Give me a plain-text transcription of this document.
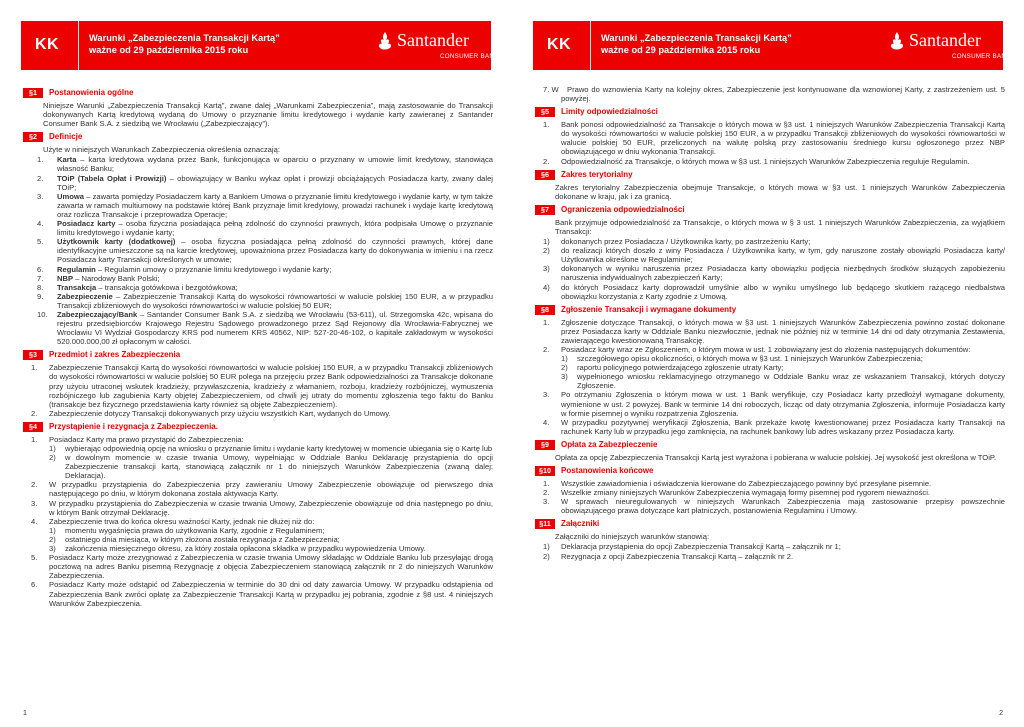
KK	Warunki „Zabezpieczenia Transakcji Kartą”
ważne od 29 października 2015 roku	Santander
CONSUMER BANK
§1	Postanowienia ogólne
Niniejsze Warunki „Zabezpieczenia Transakcji Kartą”, zwane dalej „Warunkami Zabezpieczenia”, mają zastosowanie do Transakcji dokonywanych Kartą kredytową wydaną do Umowy o przyznanie limitu kredytowego i wydanie karty zawieranej z Santander Consumer Bank S.A. z siedzibą we Wrocławiu („Zabezpieczający”).
§2	Definicje
Użyte w niniejszych Warunkach Zabezpieczenia określenia oznaczają:
1. Karta – karta kredytowa wydana przez Bank, funkcjonująca w oparciu o przyznany w umowie limit kredytowy, stanowiąca własność Banku;
2. TOiP (Tabela Opłat i Prowizji) – obowiązujący w Banku wykaz opłat i prowizji obciążających Posiadacza karty, zwany dalej TOiP;
3. Umowa – zawarta pomiędzy Posiadaczem karty a Bankiem Umowa o przyznanie limitu kredytowego i wydanie karty, w tym także zawarta w ramach multiumowy na podstawie której Bank przyznaje limit kredytowy, prowadzi rachunek i wydaje kartę kredytową oraz rozlicza Transakcje i przeprowadza Operacje;
4. Posiadacz karty – osoba fizyczna posiadająca pełną zdolność do czynności prawnych, która podpisała Umowę o przyznanie limitu kredytowego i wydanie karty;
5. Użytkownik karty (dodatkowej) – osoba fizyczna posiadająca pełną zdolność do czynności prawnych, której dane identyfikacyjne umieszczone są na karcie kredytowej, upoważniona przez Posiadacza karty do dokonywania w imieniu i na rzecz Posiadacza karty Transakcji określonych w umowie;
6. Regulamin – Regulamin umowy o przyznanie limitu kredytowego i wydanie karty;
7. NBP – Narodowy Bank Polski;
8. Transakcja – transakcja gotówkowa i bezgotówkowa;
9. Zabezpieczenie – Zabezpieczenie Transakcji Kartą do wysokości równowartości w walucie polskiej 150 EUR, a w przypadku Transakcji zbliżeniowych do wysokości równowartości w walucie polskiej 50 EUR;
10. Zabezpieczający/Bank – Santander Consumer Bank S.A. z siedzibą we Wrocławiu (53-611), ul. Strzegomska 42c, wpisana do rejestru przedsiębiorców Krajowego Rejestru Sądowego prowadzonego przez Sąd Rejonowy dla Wrocławia-Fabrycznej we Wrocławiu VI Wydział Gospodarczy KRS pod numerem KRS 40562, NIP: 527-20-46-102, o kapitale zakładowym w wysokości 520.000.000,00 zł opłaconym w całości.
§3	Przedmiot i zakres Zabezpieczenia
1. Zabezpieczenie Transakcji Kartą do wysokości równowartości w walucie polskiej 150 EUR, a w przypadku Transakcji zbliżeniowych do wysokości równowartości w walucie polskiej 50 EUR polega na przejęciu przez Bank odpowiedzialności za Transakcje dokonane przy użyciu utraconej wskutek kradzieży, przywłaszczenia, kradzieży z włamaniem, rozboju, kradzieży rozbójniczej, wymuszenia rozbójniczego lub zagubienia Karty objętej Zabezpieczeniem, od chwili jej utraty do momentu zgłoszenia tego faktu do Banku (transakcje bez fizycznego przedstawienia karty również są objęte Zabezpieczeniem).
2. Zabezpieczenie dotyczy Transakcji dokonywanych przy użyciu wszystkich Kart, wydanych do Umowy.
§4	Przystąpienie i rezygnacja z Zabezpieczenia.
1. Posiadacz Karty ma prawo przystąpić do Zabezpieczenia:
1) wybierając odpowiednią opcję na wniosku o przyznanie limitu i wydanie karty kredytowej w momencie ubiegania się o Kartę lub
2) w dowolnym momencie w czasie trwania Umowy, wypełniając w Oddziale Banku Deklarację przystąpienia do opcji Zabezpieczenie transakcji kartą, stanowiącą załącznik nr 1 do niniejszych Warunków Zabezpieczenia (zwaną dalej: Deklaracja).
2. W przypadku przystąpienia do Zabezpieczenia przy zawieraniu Umowy Zabezpieczenie obowiązuje od pierwszego dnia następującego po dniu, w którym dokonana została aktywacja Karty.
3. W przypadku przystąpienia do Zabezpieczenia w czasie trwania Umowy, Zabezpieczenie obowiązuje od dnia następnego po dniu, w którym Bank otrzymał Deklarację.
4. Zabezpieczenie trwa do końca okresu ważności Karty, jednak nie dłużej niż do:
1) momentu wygaśnięcia prawa do użytkowania Karty, zgodnie z Regulaminem;
2) ostatniego dnia miesiąca, w którym złożona została rezygnacja z Zabezpieczenia;
3) zakończenia miesięcznego okresu, za który została opłacona składka w przypadku wypowiedzenia Umowy.
5. Posiadacz Karty może zrezygnować z Zabezpieczenia w czasie trwania Umowy składając w Oddziale Banku lub przesyłając drogą pocztową na adres Banku pisemną Rezygnację z objęcia Zabezpieczeniem stanowiącą załącznik nr 2 do niniejszych Warunków Zabezpieczenia.
6. Posiadacz Karty może odstąpić od Zabezpieczenia w terminie do 30 dni od daty zawarcia Umowy. W przypadku odstąpienia od Zabezpieczenia Bank zwróci opłatę za Zabezpieczenie Transakcji Kartą w przypadku jej pobrania, zgodnie z §8 ust. 4 niniejszych Warunków Zabezpieczenia.
1
KK	Warunki „Zabezpieczenia Transakcji Kartą”
ważne od 29 października 2015 roku	Santander
CONSUMER BANK
7. W Prawo do wznowienia Karty na kolejny okres, Zabezpieczenie jest kontynuowane dla wznowionej Karty, z zastrzeżeniem ust. 5 powyżej.
§5	Limity odpowiedzialności
1. Bank ponosi odpowiedzialność za Transakcje o których mowa w §3 ust. 1 niniejszych Warunków Zabezpieczenia Transakcji Kartą do wysokości równowartości w walucie polskiej 150 EUR, a w przypadku Transakcji zbliżeniowych do wysokości równowartości w walucie polskiej 50 EUR, przeliczonych na walutę polską przy zastosowaniu średniego kursu ogłoszonego przez NBP obowiązującego w dniu wykonania Transakcji.
2. Odpowiedzialność za Transakcje, o których mowa w §3 ust. 1 niniejszych Warunków Zabezpieczenia reguluje Regulamin.
§6	Zakres terytorialny
Zakres terytorialny Zabezpieczenia obejmuje Transakcje, o których mowa w §3 ust. 1 niniejszych Warunków Zabezpieczenia dokonane w kraju, jak i za granicą.
§7	Ograniczenia odpowiedzialności
Bank przyjmuje odpowiedzialność za Transakcje, o których mowa w § 3 ust. 1 niniejszych Warunków Zabezpieczenia, za wyjątkiem Transakcji:
1) dokonanych przez Posiadacza / Użytkownika karty, po zastrzeżeniu Karty;
2) do realizacji których doszło z winy Posiadacza / Użytkownika karty, w tym, gdy naruszone zostały obowiązki Posiadacza karty/ Użytkownika określone w Regulaminie;
3) dokonanych w wyniku naruszenia przez Posiadacza karty obowiązku podjęcia niezbędnych środków służących zapobieżeniu naruszenia indywidualnych zabezpieczeń Karty;
4) do których Posiadacz karty doprowadził umyślnie albo w wyniku umyślnego lub będącego skutkiem rażącego niedbalstwa obowiązku korzystania z Karty zgodnie z Umową.
§8	Zgłoszenie Transakcji i wymagane dokumenty
1. Zgłoszenie dotyczące Transakcji, o których mowa w §3 ust. 1 niniejszych Warunków Zabezpieczenia powinno zostać dokonane przez Posiadacza karty w Oddziale Banku niezwłocznie, jednak nie później niż w terminie 14 dni od daty otrzymania Zestawienia, zawierającego kwestionowaną Transakcję.
2. Posiadacz karty wraz ze Zgłoszeniem, o którym mowa w ust. 1 zobowiązany jest do złożenia następujących dokumentów:
1) szczegółowego opisu okoliczności, o których mowa w §3 ust. 1 niniejszych Warunków Zabezpieczenia;
2) raportu policyjnego potwierdzającego zgłoszenie utraty Karty;
3) wypełnionego wniosku reklamacyjnego otrzymanego w Oddziale Banku wraz ze wskazaniem Transakcji, których dotyczy Zgłoszenie.
3. Po otrzymaniu Zgłoszenia o którym mowa w ust. 1 Bank weryfikuje, czy Posiadacz karty przedłożył wymagane dokumenty, wymienione w ust. 2 powyżej. Bank w terminie 14 dni roboczych, licząc od daty otrzymania Zgłoszenia, informuje Posiadacza karty w formie pisemnej o wyniku rozpatrzenia Zgłoszenia.
4. W przypadku pozytywnej weryfikacji Zgłoszenia, Bank przekaże kwotę kwestionowanej przez Posiadacza karty Transakcji na rachunek Karty lub w przypadku jego zamknięcia, na rachunek bankowy lub adres wskazany przez Posiadacza karty.
§9	Opłata za Zabezpieczenie
Opłata za opcję Zabezpieczenia Transakcji Kartą jest wyrażona i pobierana w walucie polskiej. Jej wysokość jest określona w TOiP.
§10	Postanowienia końcowe
1. Wszystkie zawiadomienia i oświadczenia kierowane do Zabezpieczającego powinny być przesyłane pisemnie.
2. Wszelkie zmiany niniejszych Warunków Zabezpieczenia wymagają formy pisemnej pod rygorem nieważności.
3. W sprawach nieuregulowanych w niniejszych Warunkach Zabezpieczenia mają zastosowanie przepisy powszechnie obowiązującego prawa dotyczące kart płatniczych, postanowienia Regulaminu i Umowy.
§11	Załączniki
Załączniki do niniejszych warunków stanowią:
1) Deklaracja przystąpienia do opcji Zabezpieczenia Transakcji Kartą – załącznik nr 1;
2) Rezygnacja z opcji Zabezpieczenia Transakcji Kartą – załącznik nr 2.
2
